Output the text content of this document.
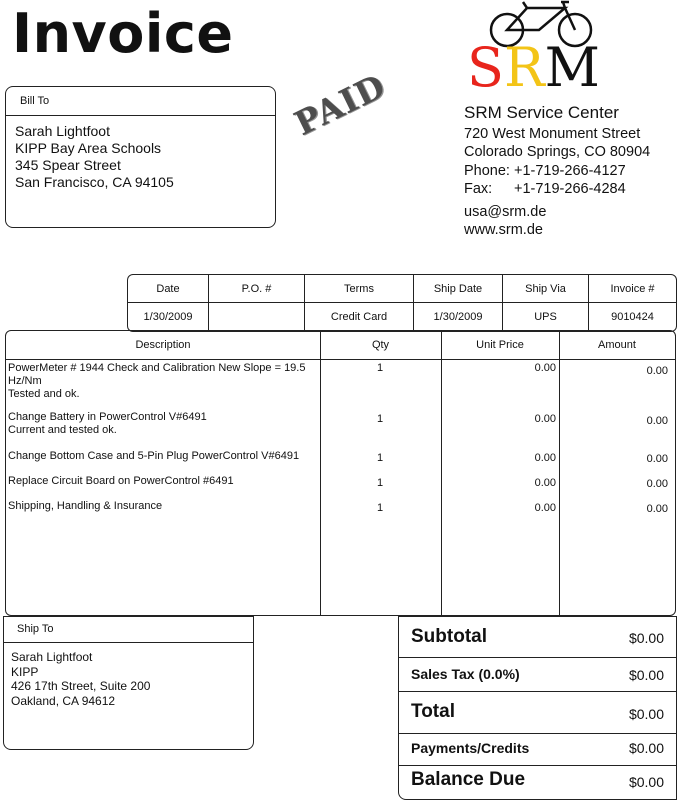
Invoice
SRM
Bill To
Sarah Lightfoot
KIPP Bay Area Schools
345 Spear Street
San Francisco, CA 94105
PAID	SRM Service Center
720 West Monument Street
Colorado Springs, CO 80904
Phone: +1-719-266-4127
Fax: +1-719-266-4284
usa@srm.de
www.srm.de
Date	P.O. #	Terms	Ship Date	Ship Via	Invoice #
1/30/2009		Credit Card	1/30/2009	UPS	9010424
Description	Qty	Unit Price	Amount
PowerMeter # 1944 Check and Calibration New Slope = 19.5
Hz/Nm
Tested and ok.
1	0.00	0.00
Change Battery in PowerControl V#6491
Current and tested ok.
1	0.00	0.00
Change Bottom Case and 5-Pin Plug PowerControl V#6491	1	0.00	0.00
Replace Circuit Board on PowerControl #6491	1	0.00	0.00
Shipping, Handling & Insurance	1	0.00	0.00
Ship To
Sarah Lightfoot
KIPP
426 17th Street, Suite 200
Oakland, CA 94612
Subtotal	$0.00
Sales Tax (0.0%)	$0.00
Total	$0.00
Payments/Credits	$0.00
Balance Due	$0.00
